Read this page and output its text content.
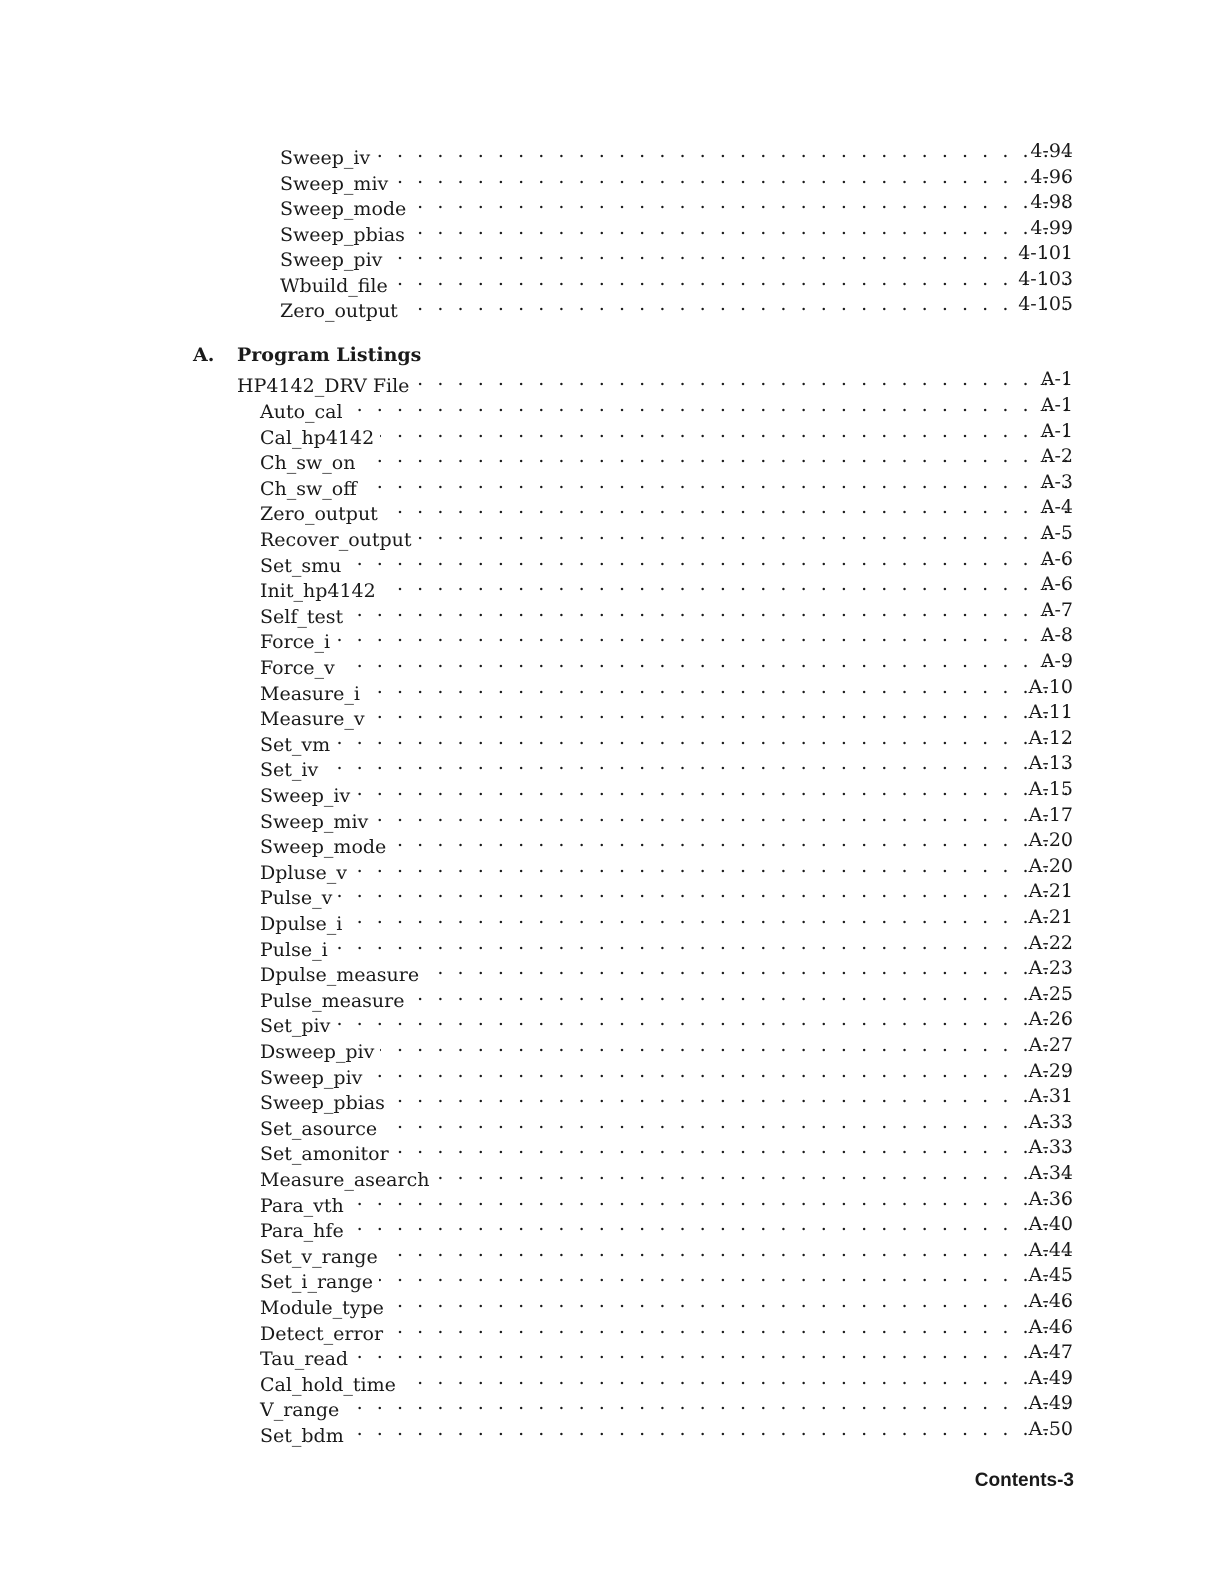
Sweep_iv . . .	4-94
Sweep_miv . . .	4-96
Sweep_mode . . .	4-98
Sweep_pbias . . .	4-99
Sweep_piv . . .	4-101
Wbuild_file . . .	4-103
Zero_output . . .	4-105
A. Program Listings
HP4142_DRV File . . .	A-1
Auto_cal . . .	A-1
Cal_hp4142 . . .	A-1
Ch_sw_on . . .	A-2
Ch_sw_off . . .	A-3
Zero_output . . .	A-4
Recover_output . . .	A-5
Set_smu . . .	A-6
Init_hp4142 . . .	A-6
Self_test . . .	A-7
Force_i . . .	A-8
Force_v . . .	A-9
Measure_i . . .	A-10
Measure_v . . .	A-11
Set_vm . . .	A-12
Set_iv . . .	A-13
Sweep_iv . . .	A-15
Sweep_miv . . .	A-17
Sweep_mode . . .	A-20
Dpluse_v . . .	A-20
Pulse_v . . .	A-21
Dpulse_i . . .	A-21
Pulse_i . . .	A-22
Dpulse_measure . . .	A-23
Pulse_measure . . .	A-25
Set_piv . . .	A-26
Dsweep_piv . . .	A-27
Sweep_piv . . .	A-29
Sweep_pbias . . .	A-31
Set_asource . . .	A-33
Set_amonitor . . .	A-33
Measure_asearch . . .	A-34
Para_vth . . .	A-36
Para_hfe . . .	A-40
Set_v_range . . .	A-44
Set_i_range . . .	A-45
Module_type . . .	A-46
Detect_error . . .	A-46
Tau_read . . .	A-47
Cal_hold_time . . .	A-49
V_range . . .	A-49
Set_bdm . . .	A-50
Contents-3
